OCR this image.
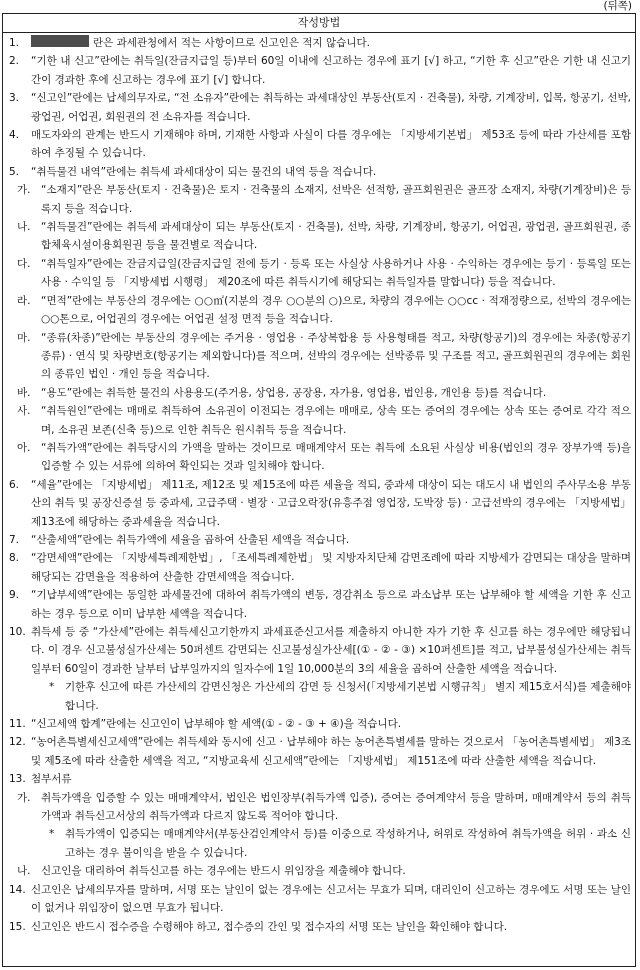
(뒤쪽)
작성방법
1.	란은 과세관청에서 적는 사항이므로 신고인은 적지 않습니다.
2. “기한 내 신고”란에는 취득일(잔금지급일 등)부터 60일 이내에 신고하는 경우에 표기 [√] 하고, “기한 후 신고”란은 기한 내 신고기간이 경과한 후에 신고하는 경우에 표기 [√] 합니다.
3. “신고인”란에는 납세의무자로, “전 소유자”란에는 취득하는 과세대상인 부동산(토지 · 건축물), 차량, 기계장비, 입목, 항공기, 선박, 광업권, 어업권, 회원권의 전 소유자를 적습니다.
4. 매도자와의 관계는 반드시 기재해야 하며, 기재한 사항과 사실이 다를 경우에는 「지방세기본법」 제53조 등에 따라 가산세를 포함하여 추징될 수 있습니다.
5. “취득물건 내역”란에는 취득세 과세대상이 되는 물건의 내역 등을 적습니다.
가. “소재지”란은 부동산(토지 · 건축물)은 토지 · 건축물의 소재지, 선박은 선적항, 골프회원권은 골프장 소재지, 차량(기계장비)은 등록지 등을 적습니다.
나. “취득물건”란에는 취득세 과세대상이 되는 부동산(토지 · 건축물), 선박, 차량, 기계장비, 항공기, 어업권, 광업권, 골프회원권, 종합체육시설이용회원권 등을 물건별로 적습니다.
다. “취득일자”란에는 잔금지급일(잔금지급일 전에 등기 · 등록 또는 사실상 사용하거나 사용 · 수익하는 경우에는 등기 · 등록일 또는 사용 · 수익일 등 「지방세법 시행령」 제20조에 따른 취득시기에 해당되는 취득일자를 말합니다) 등을 적습니다.
라. “면적”란에는 부동산의 경우에는 ○○㎡(지분의 경우 ○○분의 ○)으로, 차량의 경우에는 ○○cc · 적재정량으로, 선박의 경우에는 ○○톤으로, 어업권의 경우에는 어업권 설정 면적 등을 적습니다.
마. “종류(차종)”란에는 부동산의 경우에는 주거용 · 영업용 · 주상복합용 등 사용형태를 적고, 차량(항공기)의 경우에는 차종(항공기 종류) · 연식 및 차량번호(항공기는 제외합니다)를 적으며, 선박의 경우에는 선박종류 및 구조를 적고, 골프회원권의 경우에는 회원의 종류인 법인 · 개인 등을 적습니다.
바. “용도”란에는 취득한 물건의 사용용도(주거용, 상업용, 공장용, 자가용, 영업용, 법인용, 개인용 등)를 적습니다.
사. “취득원인”란에는 매매로 취득하여 소유권이 이전되는 경우에는 매매로, 상속 또는 증여의 경우에는 상속 또는 증여로 각각 적으며, 소유권 보존(신축 등)으로 인한 취득은 원시취득 등을 적습니다.
아. “취득가액”란에는 취득당시의 가액을 말하는 것이므로 매매계약서 또는 취득에 소요된 사실상 비용(법인의 경우 장부가액 등)을 입증할 수 있는 서류에 의하여 확인되는 것과 일치해야 합니다.
6. “세율”란에는 「지방세법」 제11조, 제12조 및 제15조에 따른 세율을 적되, 중과세 대상이 되는 대도시 내 법인의 주사무소용 부동산의 취득 및 공장신증설 등 중과세, 고급주택 · 별장 · 고급오락장(유흥주점 영업장, 도박장 등) · 고급선박의 경우에는 「지방세법」 제13조에 해당하는 중과세율을 적습니다.
7. “산출세액”란에는 취득가액에 세율을 곱하여 산출된 세액을 적습니다.
8. “감면세액”란에는 「지방세특례제한법」, 「조세특례제한법」 및 지방자치단체 감면조례에 따라 지방세가 감면되는 대상을 말하며 해당되는 감면율을 적용하여 산출한 감면세액을 적습니다.
9. “기납부세액”란에는 동일한 과세물건에 대하여 취득가액의 변동, 경감취소 등으로 과소납부 또는 납부해야 할 세액을 기한 후 신고하는 경우 등으로 이미 납부한 세액을 적습니다.
10. 취득세 등 중 “가산세”란에는 취득세신고기한까지 과세표준신고서를 제출하지 아니한 자가 기한 후 신고를 하는 경우에만 해당됩니다. 이 경우 신고불성실가산세는 50퍼센트 감면되는 신고불성실가산세[(① - ② - ③) ×10퍼센트]를 적고, 납부불성실가산세는 취득일부터 60일이 경과한 날부터 납부일까지의 일자수에 1일 10,000분의 3의 세율을 곱하여 산출한 세액을 적습니다.
* 기한후 신고에 따른 가산세의 감면신청은 가산세의 감면 등 신청서(「지방세기본법 시행규칙」 별지 제15호서식)를 제출해야 합니다.
11. “신고세액 합계”란에는 신고인이 납부해야 할 세액(① - ② - ③ + ④)을 적습니다.
12. “농어촌특별세신고세액”란에는 취득세와 동시에 신고 · 납부해야 하는 농어촌특별세를 말하는 것으로서 「농어촌특별세법」 제3조 및 제5조에 따라 산출한 세액을 적고, “지방교육세 신고세액”란에는 「지방세법」 제151조에 따라 산출한 세액을 적습니다.
13. 첨부서류
가. 취득가액을 입증할 수 있는 매매계약서, 법인은 법인장부(취득가액 입증), 증여는 증여계약서 등을 말하며, 매매계약서 등의 취득가액과 취득신고서상의 취득가액과 다르지 않도록 적어야 합니다.
* 취득가액이 입증되는 매매계약서(부동산검인계약서 등)를 이중으로 작성하거나, 허위로 작성하여 취득가액을 허위 · 과소 신고하는 경우 불이익을 받을 수 있습니다.
나. 신고인을 대리하여 취득신고를 하는 경우에는 반드시 위임장을 제출해야 합니다.
14. 신고인은 납세의무자를 말하며, 서명 또는 날인이 없는 경우에는 신고서는 무효가 되며, 대리인이 신고하는 경우에도 서명 또는 날인이 없거나 위임장이 없으면 무효가 됩니다.
15. 신고인은 반드시 접수증을 수령해야 하고, 접수증의 간인 및 접수자의 서명 또는 날인을 확인해야 합니다.
